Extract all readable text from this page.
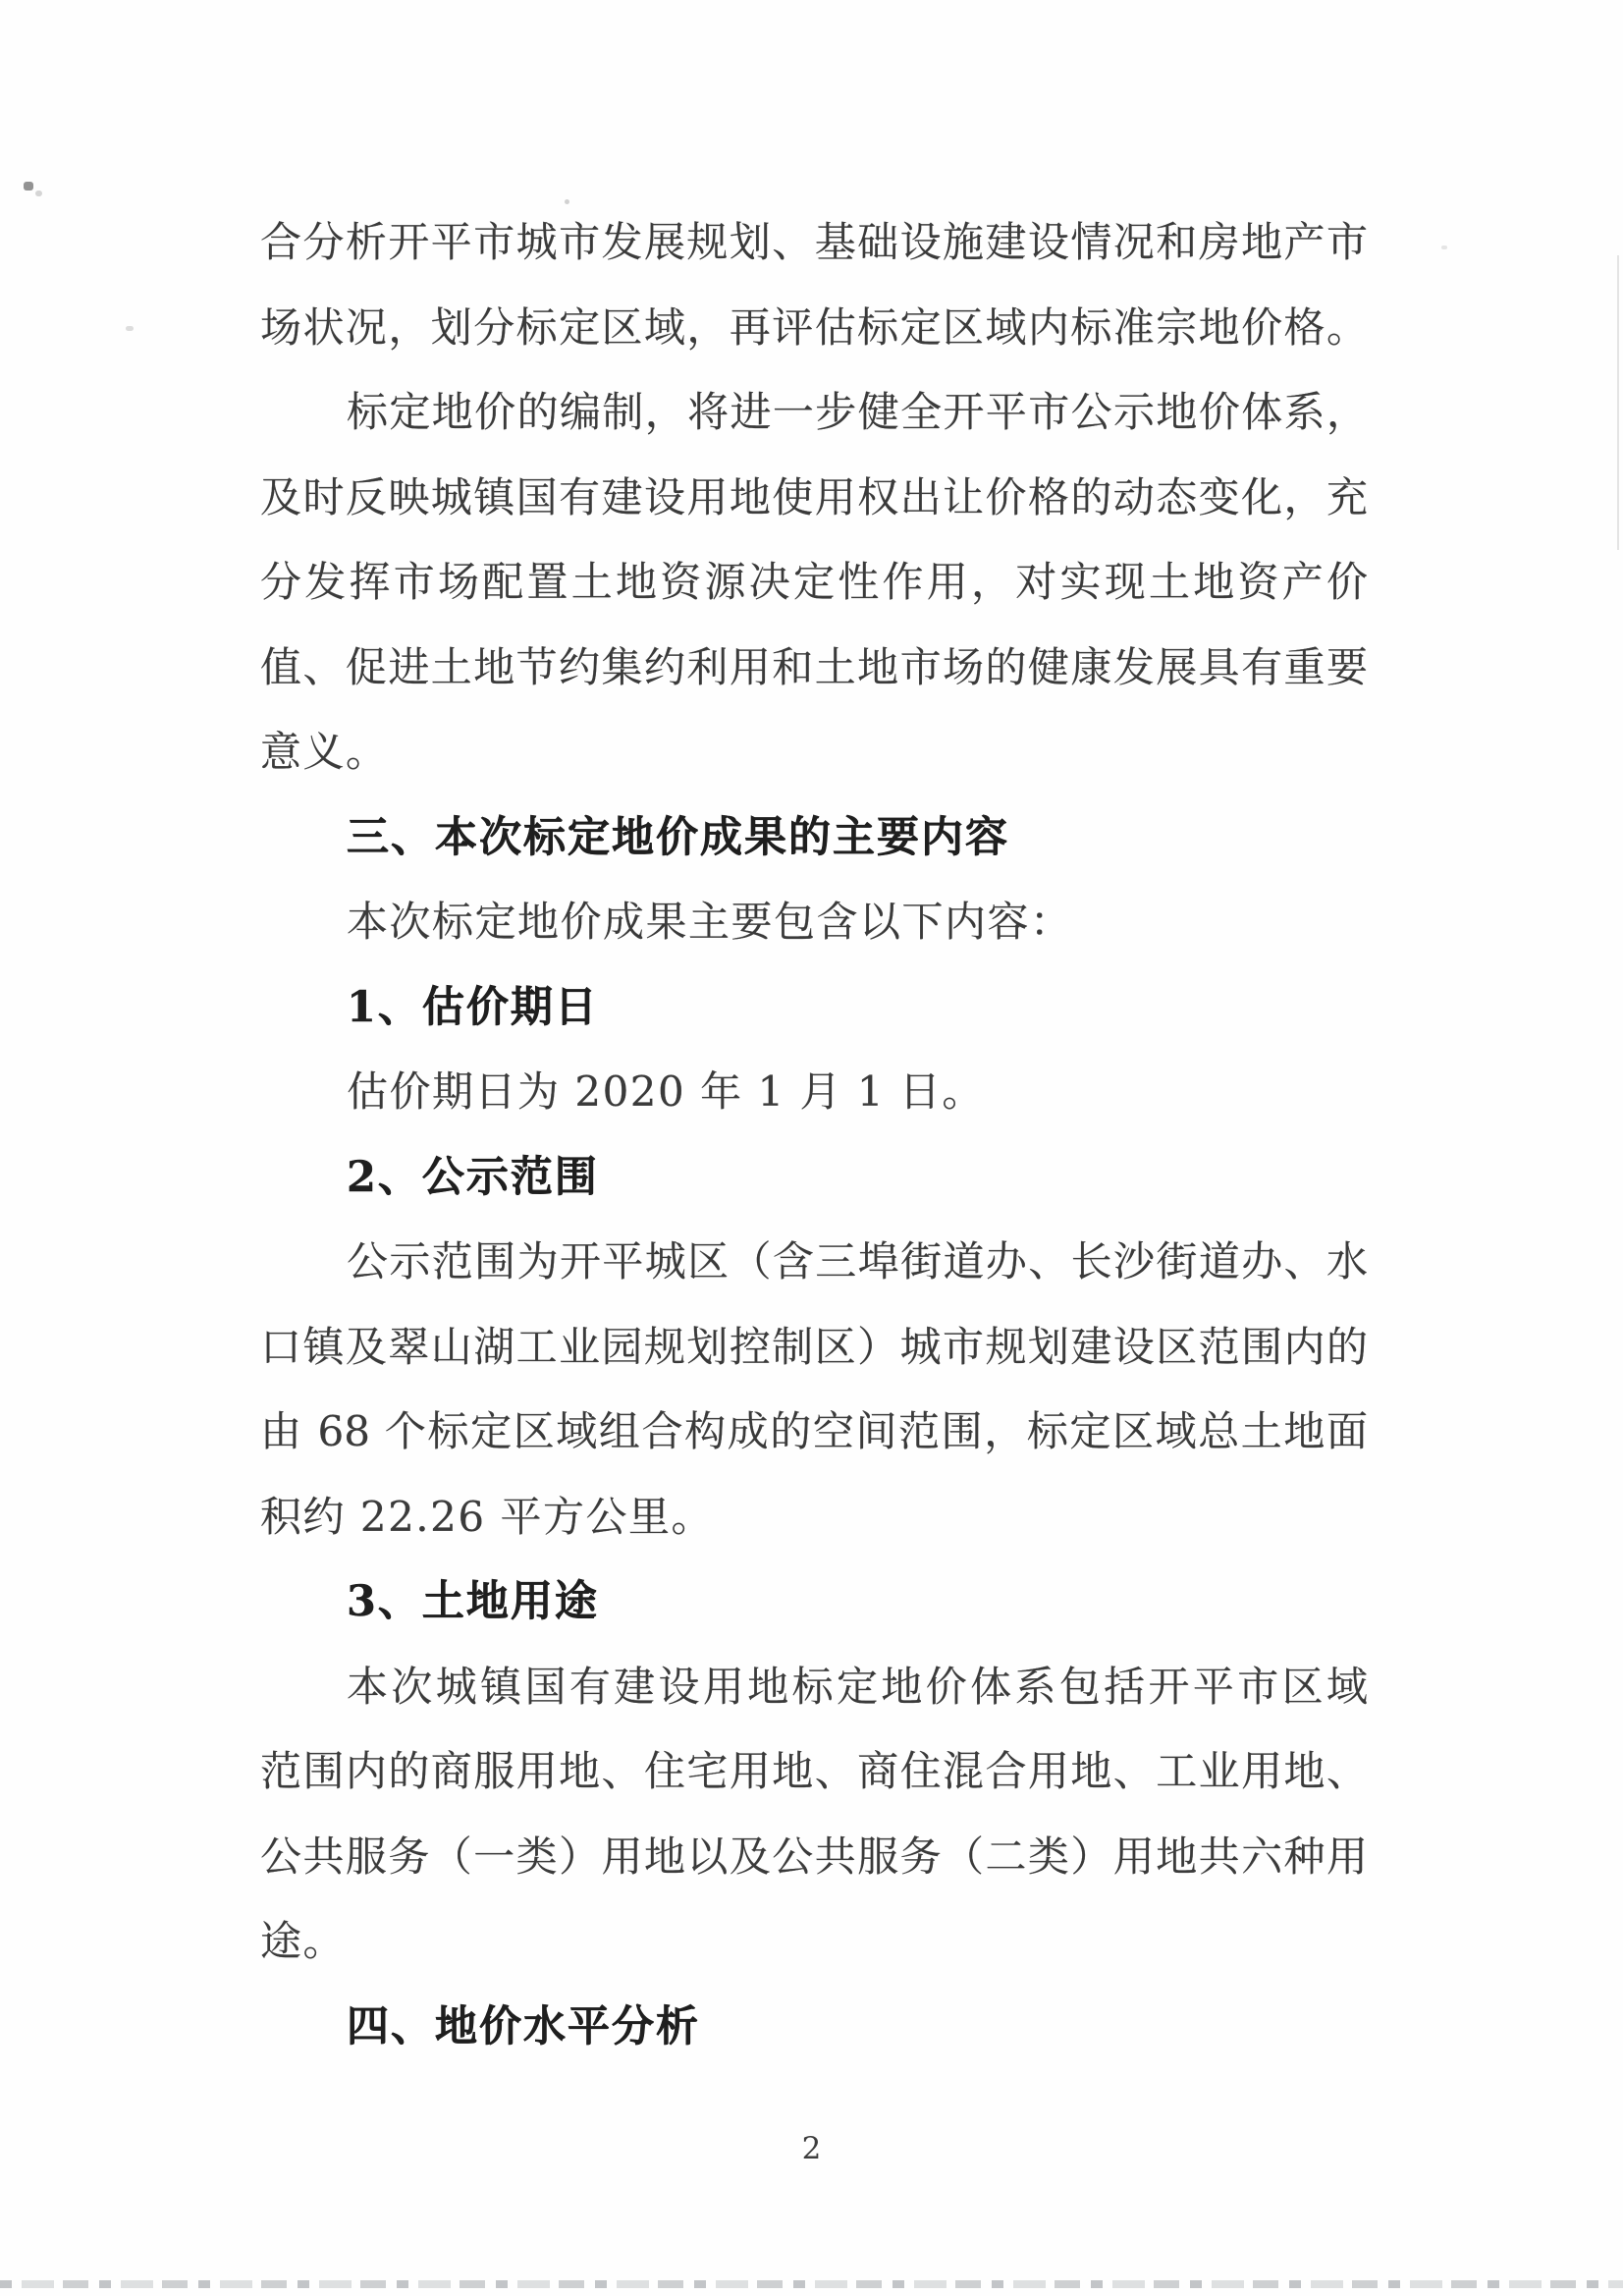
合分析开平市城市发展规划、基础设施建设情况和房地产市
场状况，划分标定区域，再评估标定区域内标准宗地价格。
标定地价的编制，将进一步健全开平市公示地价体系，
及时反映城镇国有建设用地使用权出让价格的动态变化，充
分发挥市场配置土地资源决定性作用，对实现土地资产价
值、促进土地节约集约利用和土地市场的健康发展具有重要
意义。
三、本次标定地价成果的主要内容
本次标定地价成果主要包含以下内容：
1、估价期日
估价期日为 2020 年 1 月 1 日。
2、公示范围
公示范围为开平城区（含三埠街道办、长沙街道办、水
口镇及翠山湖工业园规划控制区）城市规划建设区范围内的
由 68 个标定区域组合构成的空间范围，标定区域总土地面
积约 22.26 平方公里。
3、土地用途
本次城镇国有建设用地标定地价体系包括开平市区域
范围内的商服用地、住宅用地、商住混合用地、工业用地、
公共服务（一类）用地以及公共服务（二类）用地共六种用
途。
四、地价水平分析
2
